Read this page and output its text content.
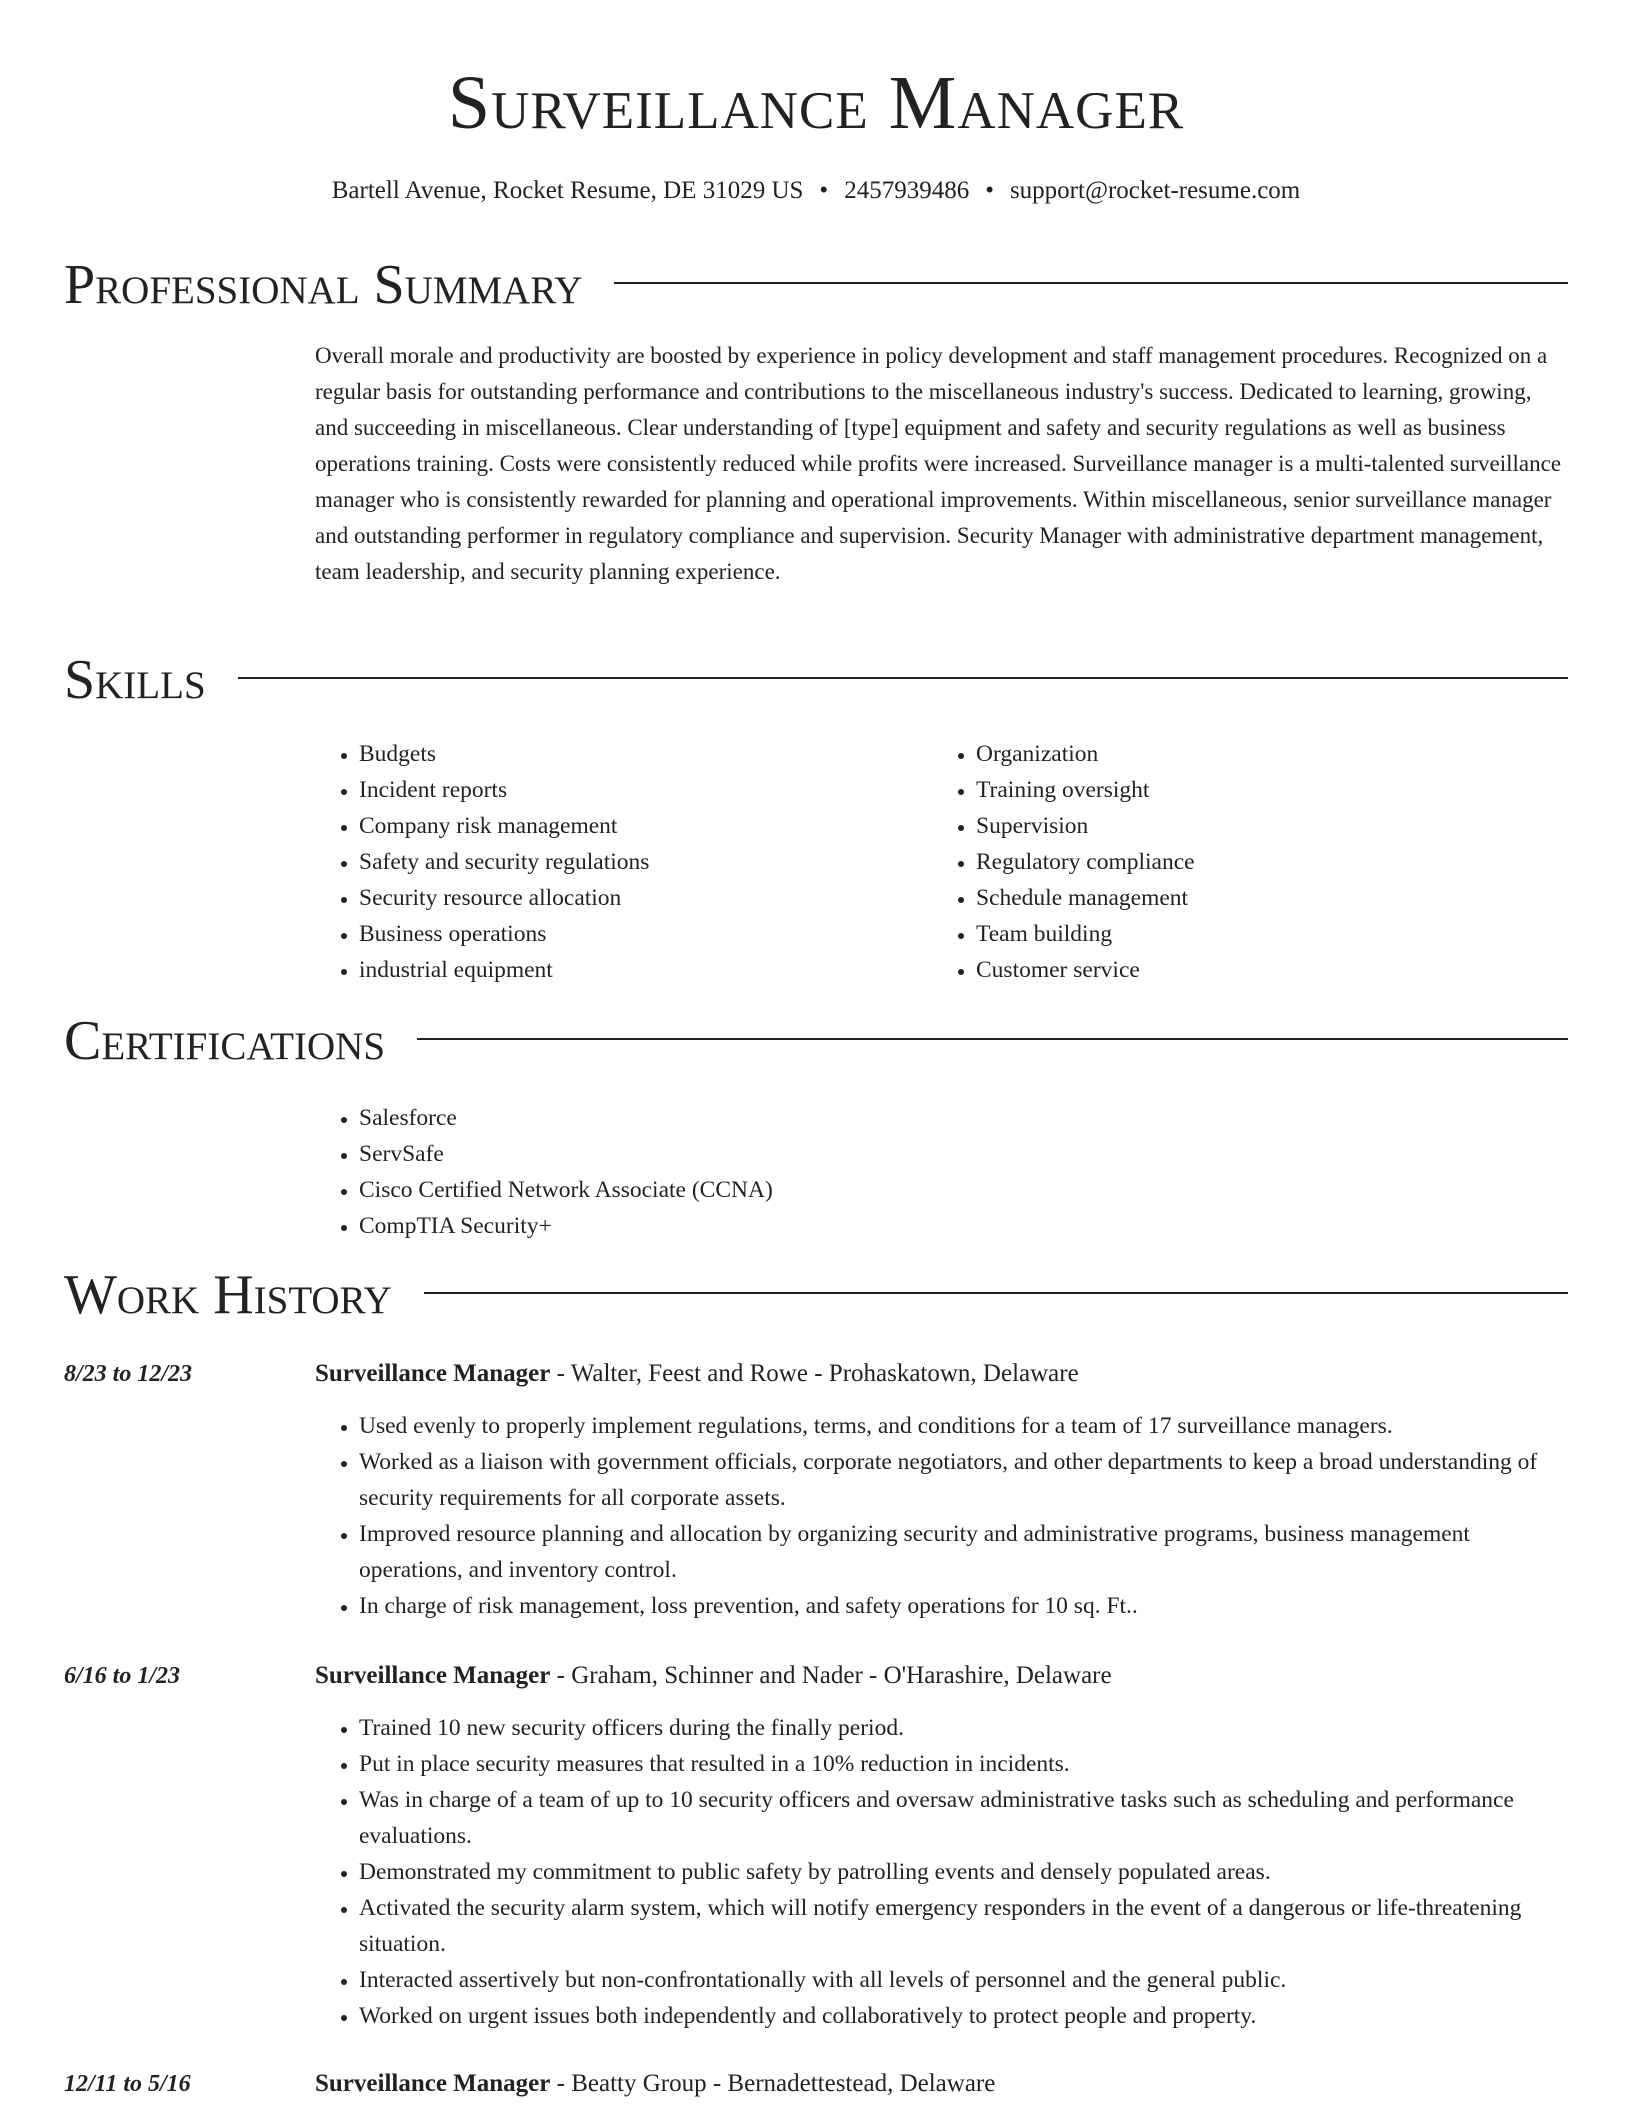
Surveillance Manager
Bartell Avenue, Rocket Resume, DE 31029 US • 2457939486 • support@rocket-resume.com
Professional Summary

Overall morale and productivity are boosted by experience in policy development and staff management procedures. Recognized on a regular basis for outstanding performance and contributions to the miscellaneous industry's success. Dedicated to learning, growing, and succeeding in miscellaneous. Clear understanding of [type] equipment and safety and security regulations as well as business operations training. Costs were consistently reduced while profits were increased. Surveillance manager is a multi-talented surveillance manager who is consistently rewarded for planning and operational improvements. Within miscellaneous, senior surveillance manager and outstanding performer in regulatory compliance and supervision. Security Manager with administrative department management, team leadership, and security planning experience.

Skills
• Budgets
• Incident reports
• Company risk management
• Safety and security regulations
• Security resource allocation
• Business operations
• industrial equipment
• Organization
• Training oversight
• Supervision
• Regulatory compliance
• Schedule management
• Team building
• Customer service
Certifications
• Salesforce
• ServSafe
• Cisco Certified Network Associate (CCNA)
• CompTIA Security+
Work History
8/23 to 12/23	Surveillance Manager - Walter, Feest and Rowe - Prohaskatown, Delaware
• Used evenly to properly implement regulations, terms, and conditions for a team of 17 surveillance managers.
• Worked as a liaison with government officials, corporate negotiators, and other departments to keep a broad understanding of security requirements for all corporate assets.
• Improved resource planning and allocation by organizing security and administrative programs, business management operations, and inventory control.
• In charge of risk management, loss prevention, and safety operations for 10 sq. Ft..
6/16 to 1/23	Surveillance Manager - Graham, Schinner and Nader - O'Harashire, Delaware
• Trained 10 new security officers during the finally period.
• Put in place security measures that resulted in a 10% reduction in incidents.
• Was in charge of a team of up to 10 security officers and oversaw administrative tasks such as scheduling and performance evaluations.
• Demonstrated my commitment to public safety by patrolling events and densely populated areas.
• Activated the security alarm system, which will notify emergency responders in the event of a dangerous or life-threatening situation.
• Interacted assertively but non-confrontationally with all levels of personnel and the general public.
• Worked on urgent issues both independently and collaboratively to protect people and property.
12/11 to 5/16	Surveillance Manager - Beatty Group - Bernadettestead, Delaware
